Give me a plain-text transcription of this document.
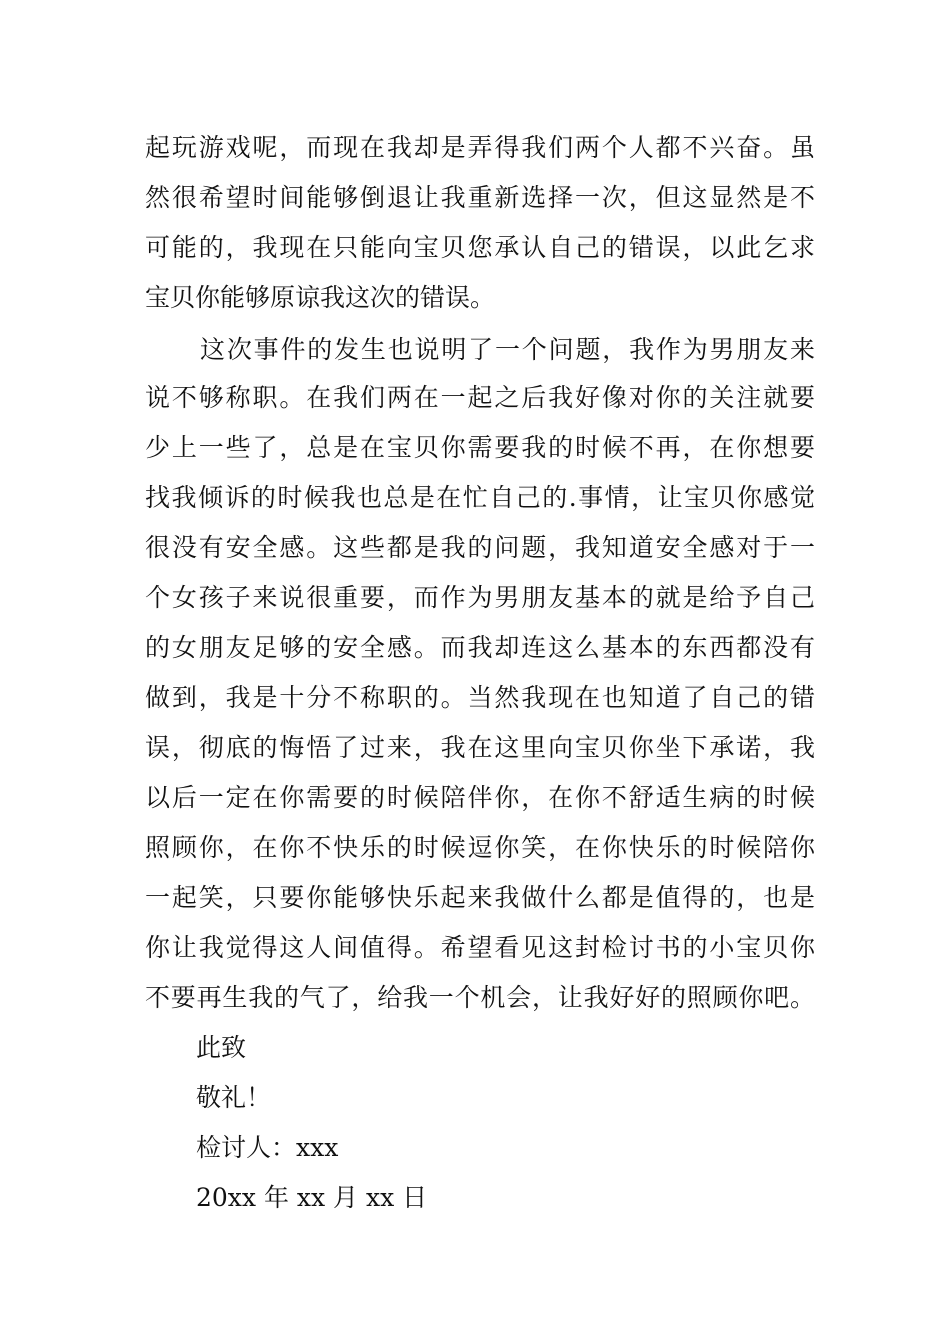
起玩游戏呢，而现在我却是弄得我们两个人都不兴奋。虽
然很希望时间能够倒退让我重新选择一次，但这显然是不
可能的，我现在只能向宝贝您承认自己的错误，以此乞求
宝贝你能够原谅我这次的错误。
这次事件的发生也说明了一个问题，我作为男朋友来
说不够称职。在我们两在一起之后我好像对你的关注就要
少上一些了，总是在宝贝你需要我的时候不再，在你想要
找我倾诉的时候我也总是在忙自己的.事情，让宝贝你感觉
很没有安全感。这些都是我的问题，我知道安全感对于一
个女孩子来说很重要，而作为男朋友基本的就是给予自己
的女朋友足够的安全感。而我却连这么基本的东西都没有
做到，我是十分不称职的。当然我现在也知道了自己的错
误，彻底的悔悟了过来，我在这里向宝贝你坐下承诺，我
以后一定在你需要的时候陪伴你，在你不舒适生病的时候
照顾你，在你不快乐的时候逗你笑，在你快乐的时候陪你
一起笑，只要你能够快乐起来我做什么都是值得的，也是
你让我觉得这人间值得。希望看见这封检讨书的小宝贝你
不要再生我的气了，给我一个机会，让我好好的照顾你吧。
此致
敬礼！
检讨人：xxx
20xx 年 xx 月 xx 日
